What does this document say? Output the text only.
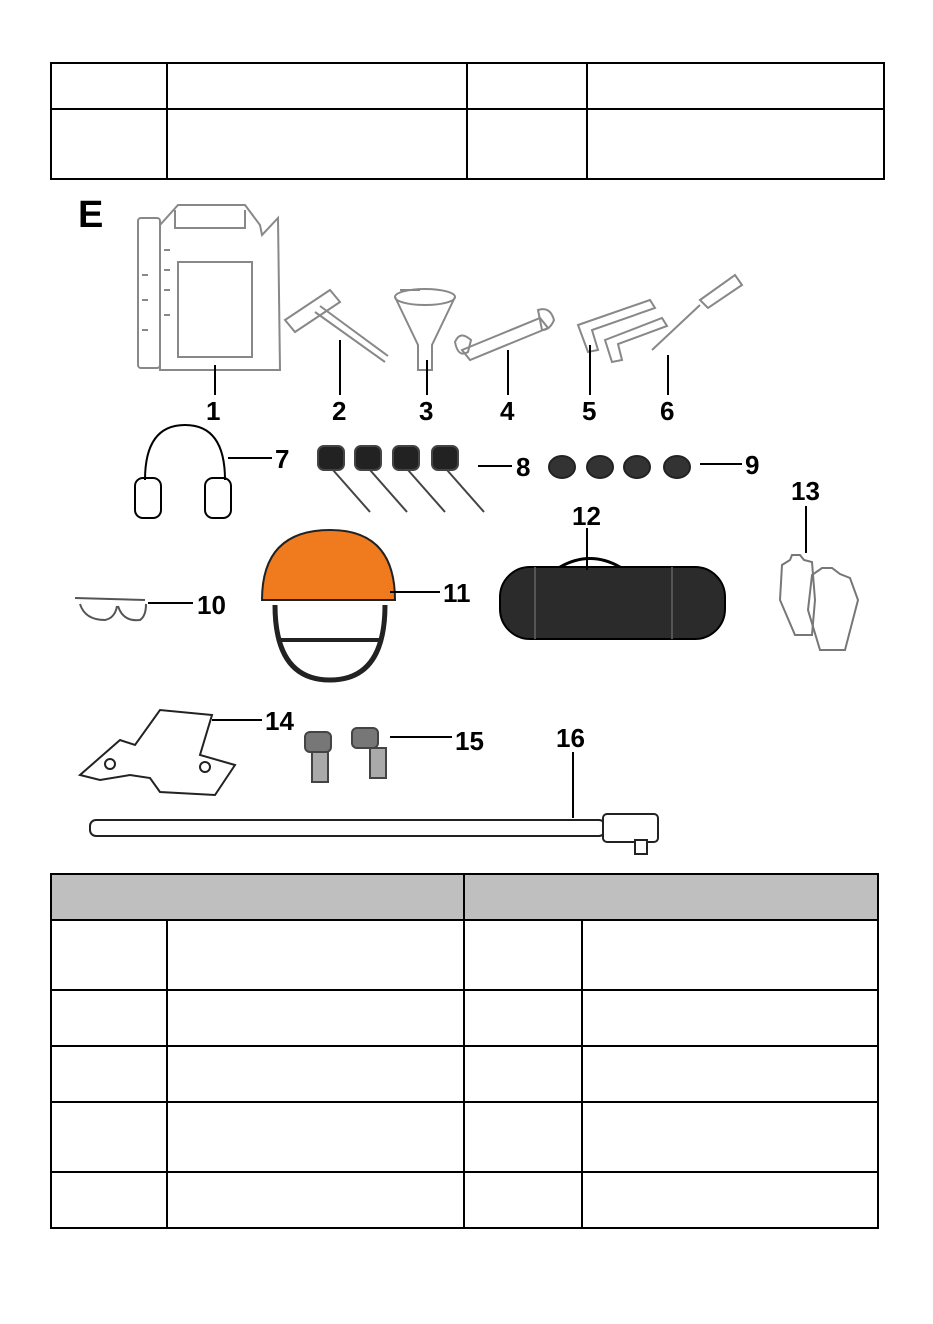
E
1	2	3	4	5 6
7	8	9
10	11
12
13
14
15	16
